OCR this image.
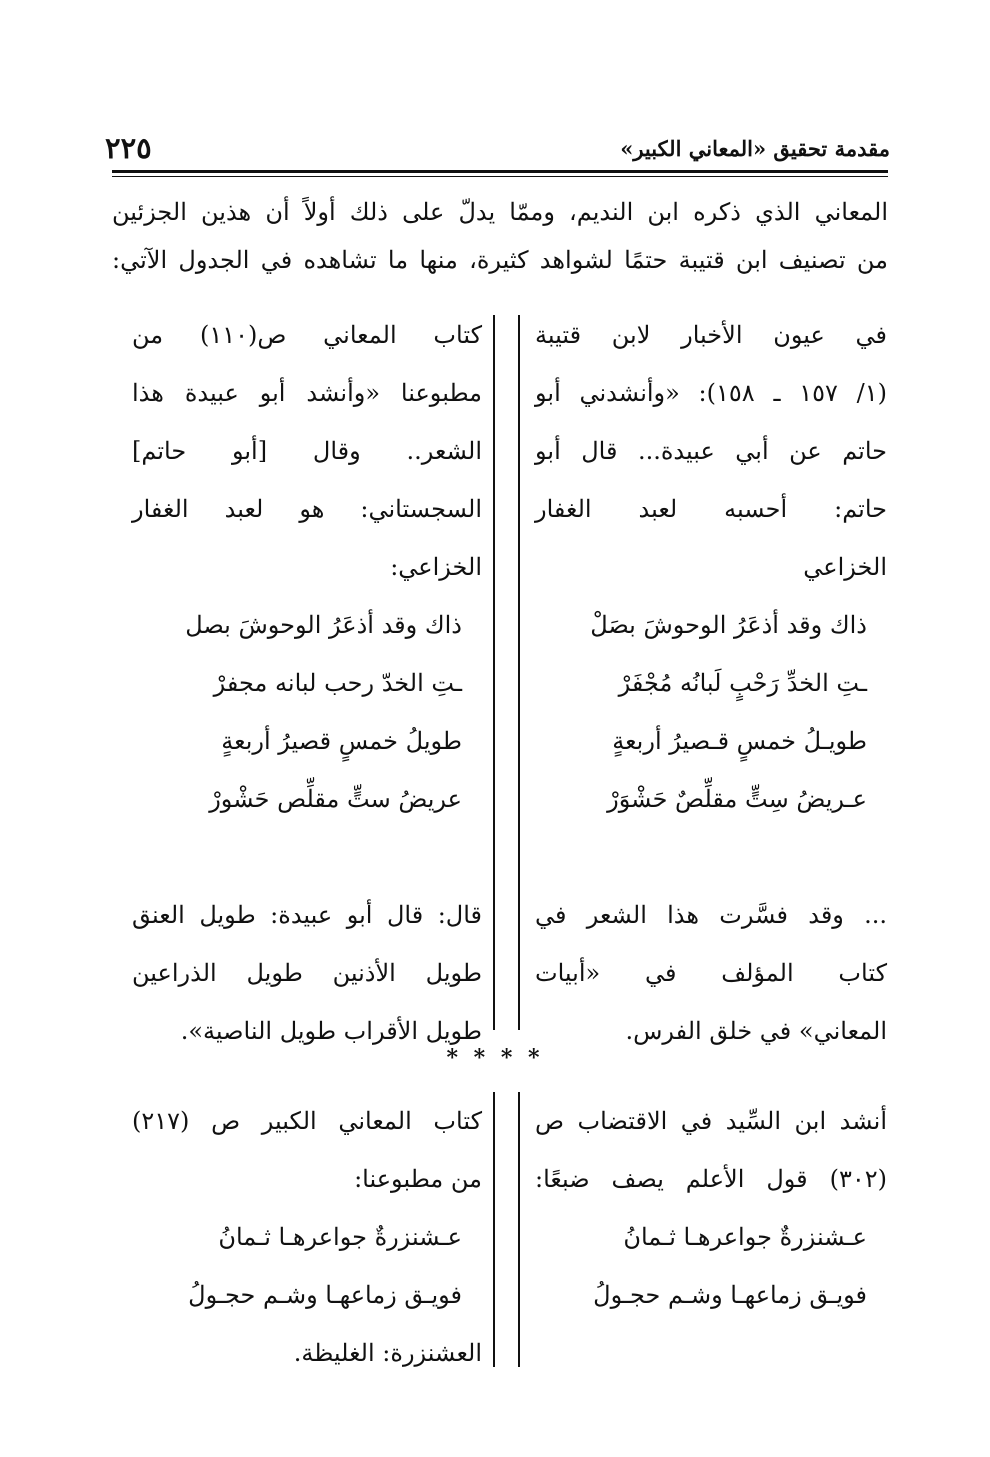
مقدمة تحقيق «المعاني الكبير»
٢٢٥

المعاني الذي ذكره ابن النديم، وممّا يدلّ على ذلك أولاً أن هذين الجزئين

من تصنيف ابن قتيبة حتمًا لشواهد كثيرة، منها ما تشاهده في الجدول الآتي:

في عيون الأخبار لابن قتيبة

(١/ ١٥٧ ـ ١٥٨): «وأنشدني أبو

حاتم عن أبي عبيدة... قال أبو

حاتم: أحسبه لعبد الغفار

الخزاعي

ذاك وقد أذعَرُ الوحوشَ بصَلْ

ـتِ الخدِّ رَحْبٍ لَبانُه مُجْفَرْ

طويـلُ خمسٍ قـصيرُ أربعةٍ

عـريضُ سِتٍّ مقلِّصٌ حَشْوَرْ

... وقد فسَّرت هذا الشعر في

كتاب المؤلف في «أبيات

المعاني» في خلق الفرس.

كتاب المعاني ص(١١٠) من

مطبوعنا «وأنشد أبو عبيدة هذا

الشعر.. وقال [أبو حاتم]

السجستاني: هو لعبد الغفار

الخزاعي:

ذاك وقد أذعَرُ الوحوشَ بصل

ـتِ الخدّ رحب لبانه مجفرْ

طويلُ خمسٍ قصيرُ أربعةٍ

عريضُ ستٍّ مقلِّص حَشْورْ

قال: قال أبو عبيدة: طويل العنق

طويل الأذنين طويل الذراعين

طويل الأقراب طويل الناصية».

* * * *

أنشد ابن السِّيد في الاقتضاب ص

(٣٠٢) قول الأعلم يصف ضبعًا:

عـشنزرةٌ جواعرهـا ثـمانُ

فويـق زماعهـا وشـم حجـولُ

كتاب المعاني الكبير ص (٢١٧)

من مطبوعنا:

عـشنزرةٌ جواعرهـا ثـمانُ

فويـق زماعهـا وشـم حجـولُ

العشنزرة: الغليظة.
